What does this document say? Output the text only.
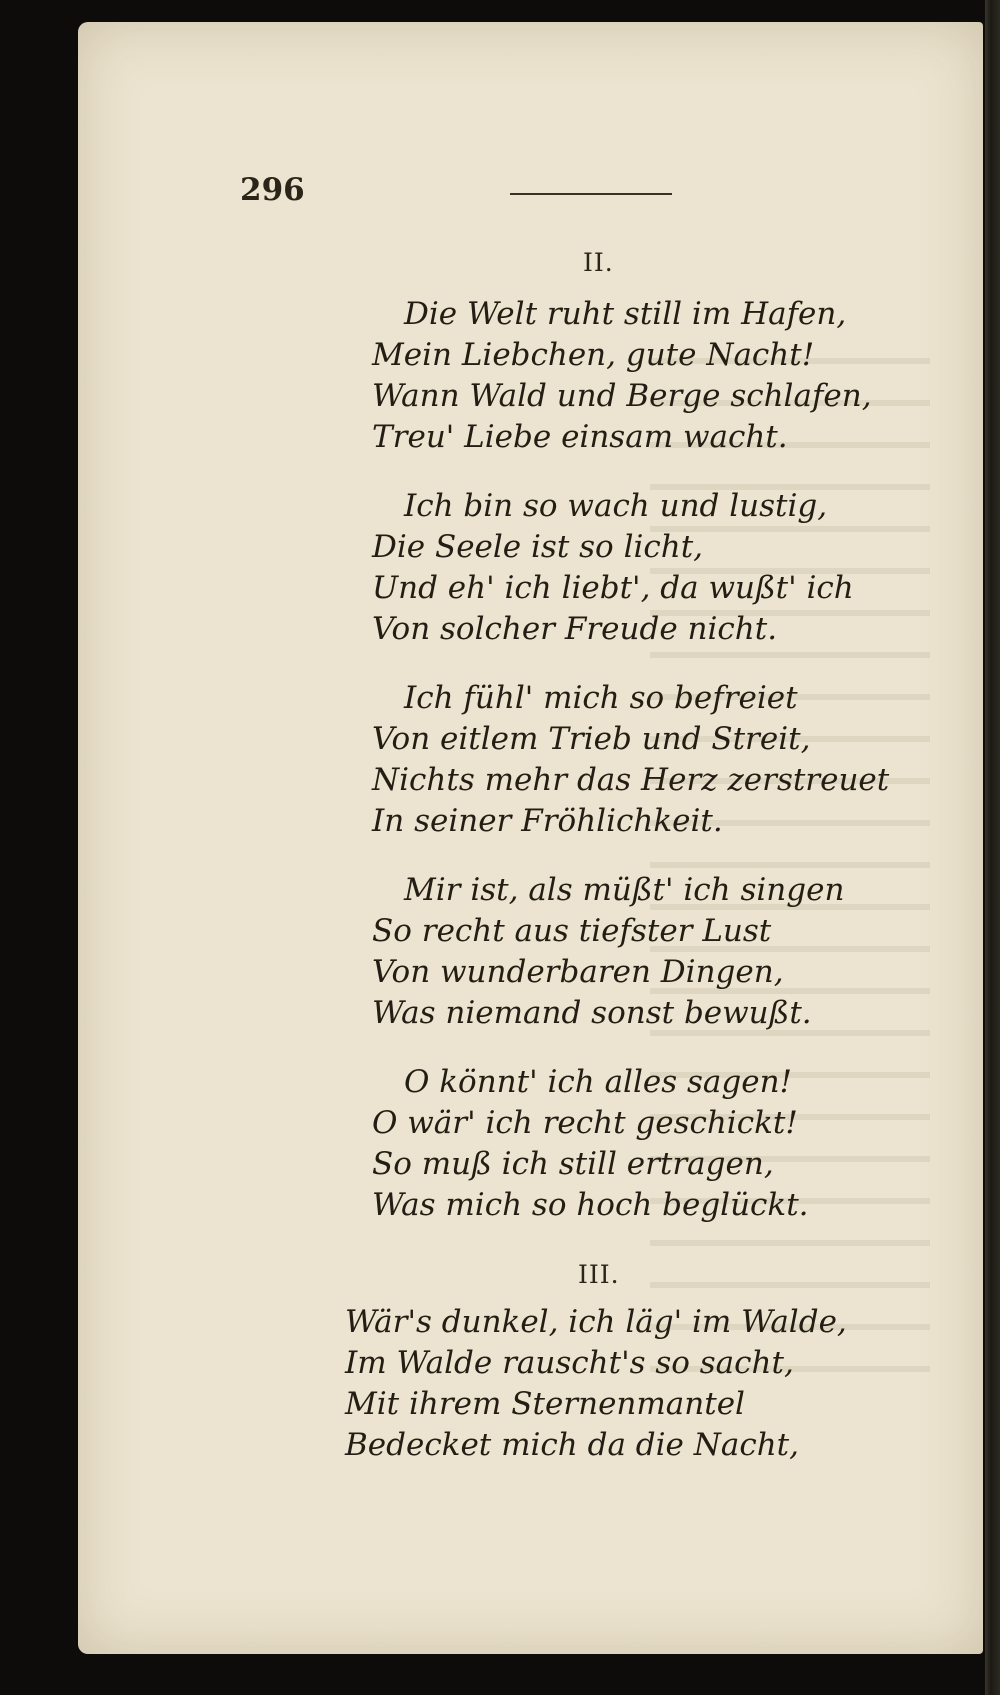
296
II.
Die Welt ruht still im Hafen,
Mein Liebchen, gute Nacht!
Wann Wald und Berge schlafen,
Treu' Liebe einsam wacht.
Ich bin so wach und lustig,
Die Seele ist so licht,
Und eh' ich liebt', da wußt' ich
Von solcher Freude nicht.
Ich fühl' mich so befreiet
Von eitlem Trieb und Streit,
Nichts mehr das Herz zerstreuet
In seiner Fröhlichkeit.
Mir ist, als müßt' ich singen
So recht aus tiefster Lust
Von wunderbaren Dingen,
Was niemand sonst bewußt.
O könnt' ich alles sagen!
O wär' ich recht geschickt!
So muß ich still ertragen,
Was mich so hoch beglückt.
III.
Wär's dunkel, ich läg' im Walde,
Im Walde rauscht's so sacht,
Mit ihrem Sternenmantel
Bedecket mich da die Nacht,
